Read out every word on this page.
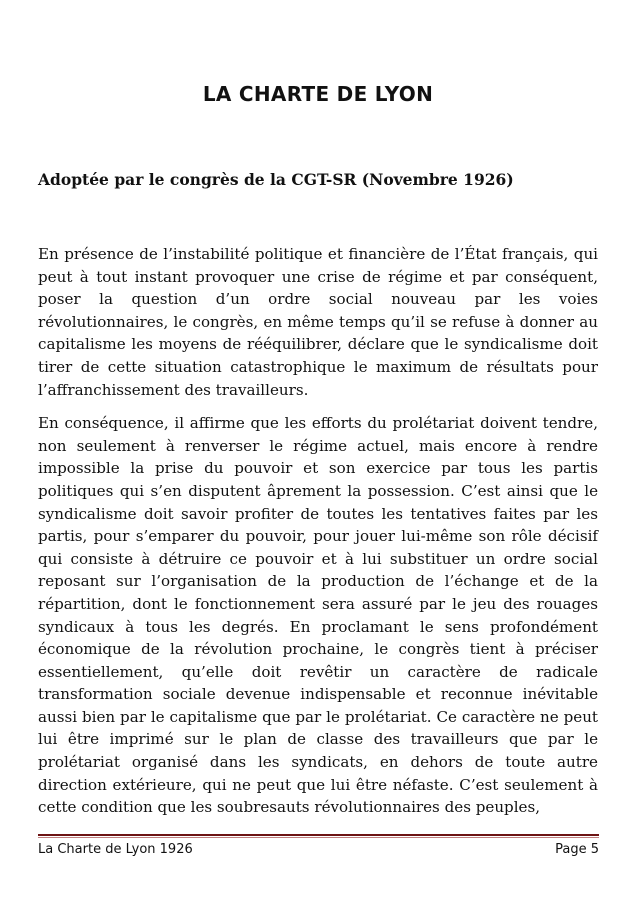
LA CHARTE DE LYON
Adoptée par le congrès de la CGT-SR (Novembre 1926)

En présence de l’instabilité politique et financière de l’État français, qui peut à tout instant provoquer une crise de régime et par conséquent, poser la question d’un ordre social nouveau par les voies révolutionnaires, le congrès, en même temps qu’il se refuse à donner au capitalisme les moyens de rééquilibrer, déclare que le syndicalisme doit tirer de cette situation catastrophique le maximum de résultats pour l’affranchissement des travailleurs.

En conséquence, il affirme que les efforts du prolétariat doivent tendre, non seulement à renverser le régime actuel, mais encore à rendre impossible la prise du pouvoir et son exercice par tous les partis politiques qui s’en disputent âprement la possession. C’est ainsi que le syndicalisme doit savoir profiter de toutes les tentatives faites par les partis, pour s’emparer du pouvoir, pour jouer lui-même son rôle décisif qui consiste à détruire ce pouvoir et à lui substituer un ordre social reposant sur l’organisation de la production de l’échange et de la répartition, dont le fonctionnement sera assuré par le jeu des rouages syndicaux à tous les degrés. En proclamant le sens profondément économique de la révolution prochaine, le congrès tient à préciser essentiellement, qu’elle doit revêtir un caractère de radicale transformation sociale devenue indispensable et reconnue inévitable aussi bien par le capitalisme que par le prolétariat. Ce caractère ne peut lui être imprimé sur le plan de classe des travailleurs que par le prolétariat organisé dans les syndicats, en dehors de toute autre direction extérieure, qui ne peut que lui être néfaste. C’est seulement à cette condition que les soubresauts révolutionnaires des peuples,

La Charte de Lyon 1926	Page 5
